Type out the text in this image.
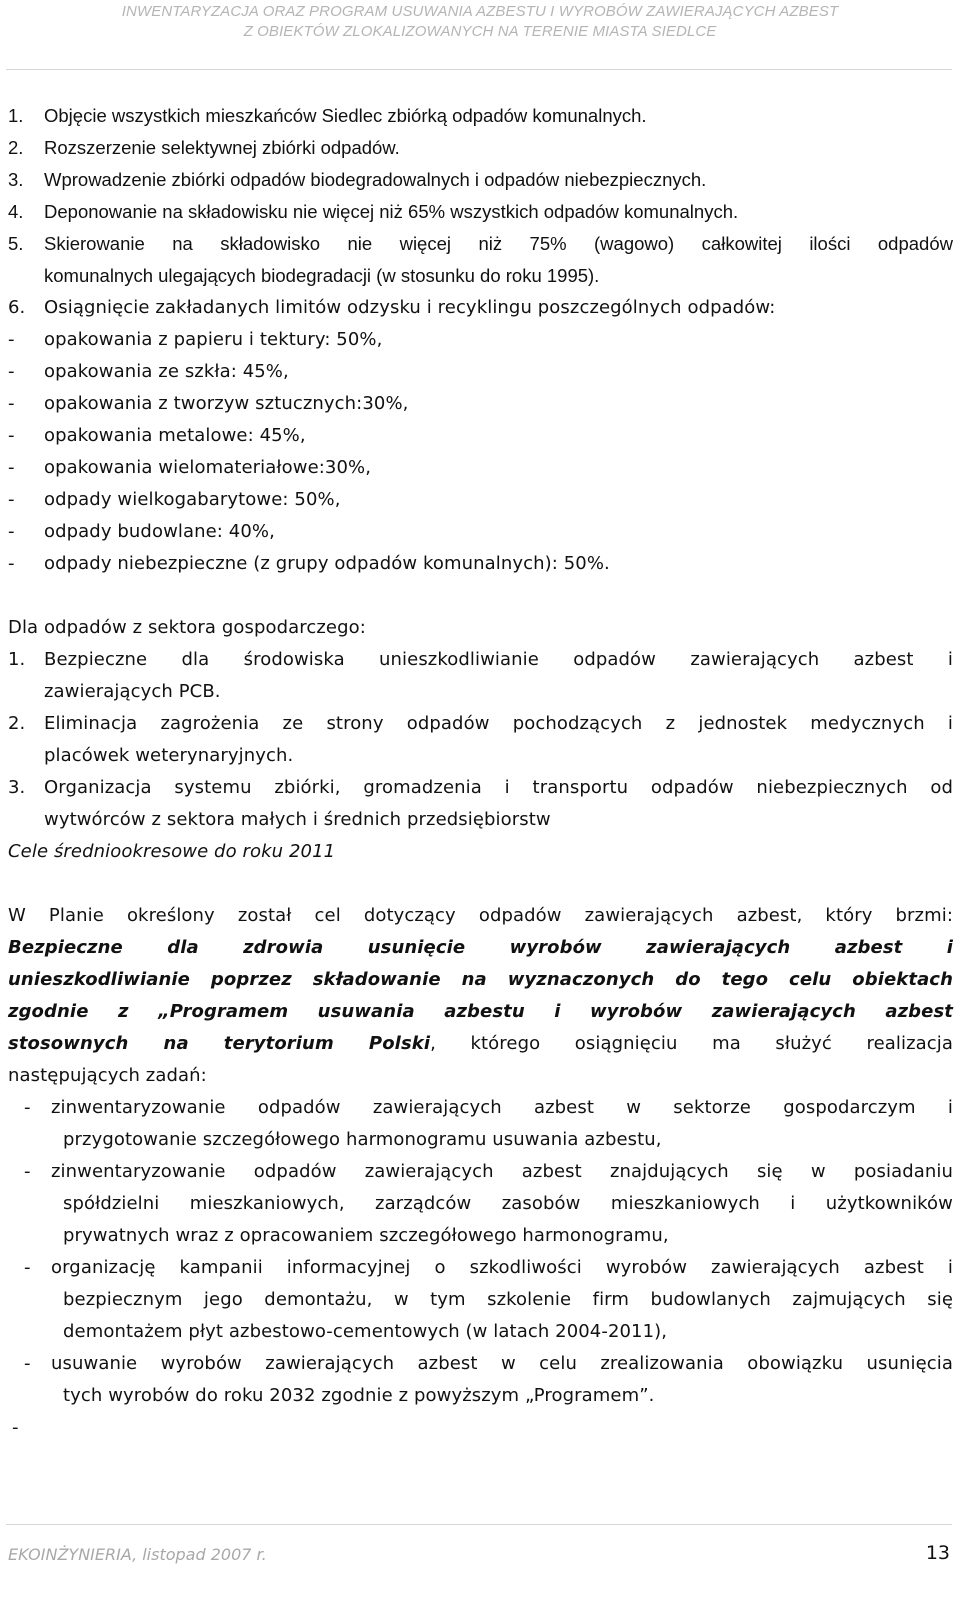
INWENTARYZACJA ORAZ PROGRAM USUWANIA AZBESTU I WYROBÓW ZAWIERAJĄCYCH AZBEST
Z OBIEKTÓW ZLOKALIZOWANYCH NA TERENIE MIASTA SIEDLCE
1. Objęcie wszystkich mieszkańców Siedlec zbiórką odpadów komunalnych.
2. Rozszerzenie selektywnej zbiórki odpadów.
3. Wprowadzenie zbiórki odpadów biodegradowalnych i odpadów niebezpiecznych.
4. Deponowanie na składowisku nie więcej niż 65% wszystkich odpadów komunalnych.
5. Skierowanie na składowisko nie więcej niż 75% (wagowo) całkowitej ilości odpadów
komunalnych ulegających biodegradacji (w stosunku do roku 1995).
6. Osiągnięcie zakładanych limitów odzysku i recyklingu poszczególnych odpadów:
- opakowania z papieru i tektury: 50%,
- opakowania ze szkła: 45%,
- opakowania z tworzyw sztucznych:30%,
- opakowania metalowe: 45%,
- opakowania wielomateriałowe:30%,
- odpady wielkogabarytowe: 50%,
- odpady budowlane: 40%,
- odpady niebezpieczne (z grupy odpadów komunalnych): 50%.
Dla odpadów z sektora gospodarczego:
1. Bezpieczne dla środowiska unieszkodliwianie odpadów zawierających azbest i
zawierających PCB.
2. Eliminacja zagrożenia ze strony odpadów pochodzących z jednostek medycznych i
placówek weterynaryjnych.
3. Organizacja systemu zbiórki, gromadzenia i transportu odpadów niebezpiecznych od
wytwórców z sektora małych i średnich przedsiębiorstw
Cele średniookresowe do roku 2011
W Planie określony został cel dotyczący odpadów zawierających azbest, który brzmi:
Bezpieczne dla zdrowia usunięcie wyrobów zawierających azbest i
unieszkodliwianie poprzez składowanie na wyznaczonych do tego celu obiektach
zgodnie z „Programem usuwania azbestu i wyrobów zawierających azbest
stosownych na terytorium Polski, którego osiągnięciu ma służyć realizacja
następujących zadań:
- zinwentaryzowanie odpadów zawierających azbest w sektorze gospodarczym i
przygotowanie szczegółowego harmonogramu usuwania azbestu,
- zinwentaryzowanie odpadów zawierających azbest znajdujących się w posiadaniu
spółdzielni mieszkaniowych, zarządców zasobów mieszkaniowych i użytkowników
prywatnych wraz z opracowaniem szczegółowego harmonogramu,
- organizację kampanii informacyjnej o szkodliwości wyrobów zawierających azbest i
bezpiecznym jego demontażu, w tym szkolenie firm budowlanych zajmujących się
demontażem płyt azbestowo-cementowych (w latach 2004-2011),
- usuwanie wyrobów zawierających azbest w celu zrealizowania obowiązku usunięcia
tych wyrobów do roku 2032 zgodnie z powyższym „Programem”.
-
EKOINŻYNIERIA, listopad 2007 r.	13
